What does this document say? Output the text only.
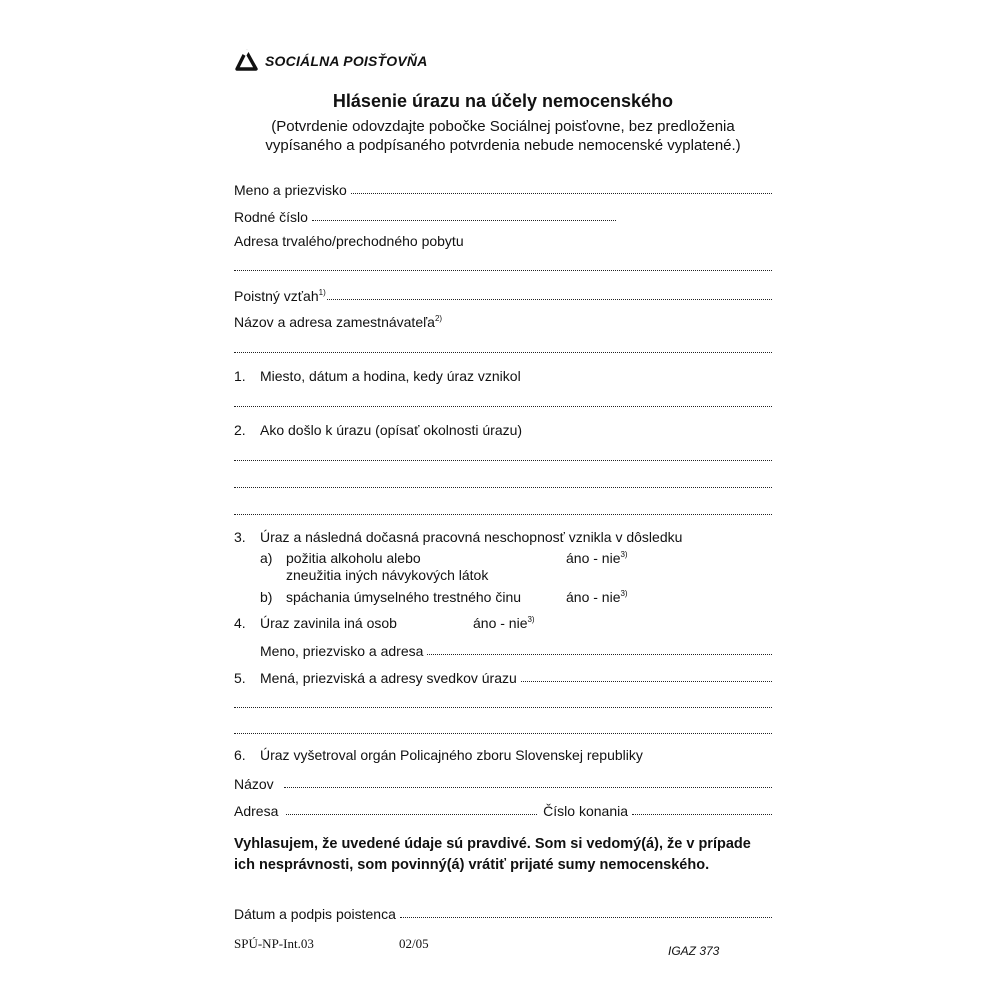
SOCIÁLNA POISŤOVŇA
Hlásenie úrazu na účely nemocenského
(Potvrdenie odovzdajte pobočke Sociálnej poisťovne, bez predloženia
vypísaného a podpísaného potvrdenia nebude nemocenské vyplatené.)
Meno a priezvisko
Rodné číslo
Adresa trvalého/prechodného pobytu
Poistný vzťah$^{1)}$
Názov a adresa zamestnávateľa$^{2)}$
1. Miesto, dátum a hodina, kedy úraz vznikol
2. Ako došlo k úrazu (opísať okolnosti úrazu)
3. Úraz a následná dočasná pracovná neschopnosť vznikla v dôsledku
a) požitia alkoholu alebo
zneužitia iných návykových látok
áno - nie$^{3)}$
b) spáchania úmyselného trestného činu	áno - nie$^{3)}$
4. Úraz zavinila iná osob	áno - nie$^{3)}$
Meno, priezvisko a adresa
5. Mená, priezviská a adresy svedkov úrazu
6. Úraz vyšetroval orgán Policajného zboru Slovenskej republiky
Názov
Adresa	Číslo konania
Vyhlasujem, že uvedené údaje sú pravdivé. Som si vedomý(á), že v prípade
ich nesprávnosti, som povinný(á) vrátiť prijaté sumy nemocenského.
Dátum a podpis poistenca
SPÚ-NP-Int.03	02/05	IGAZ 373
